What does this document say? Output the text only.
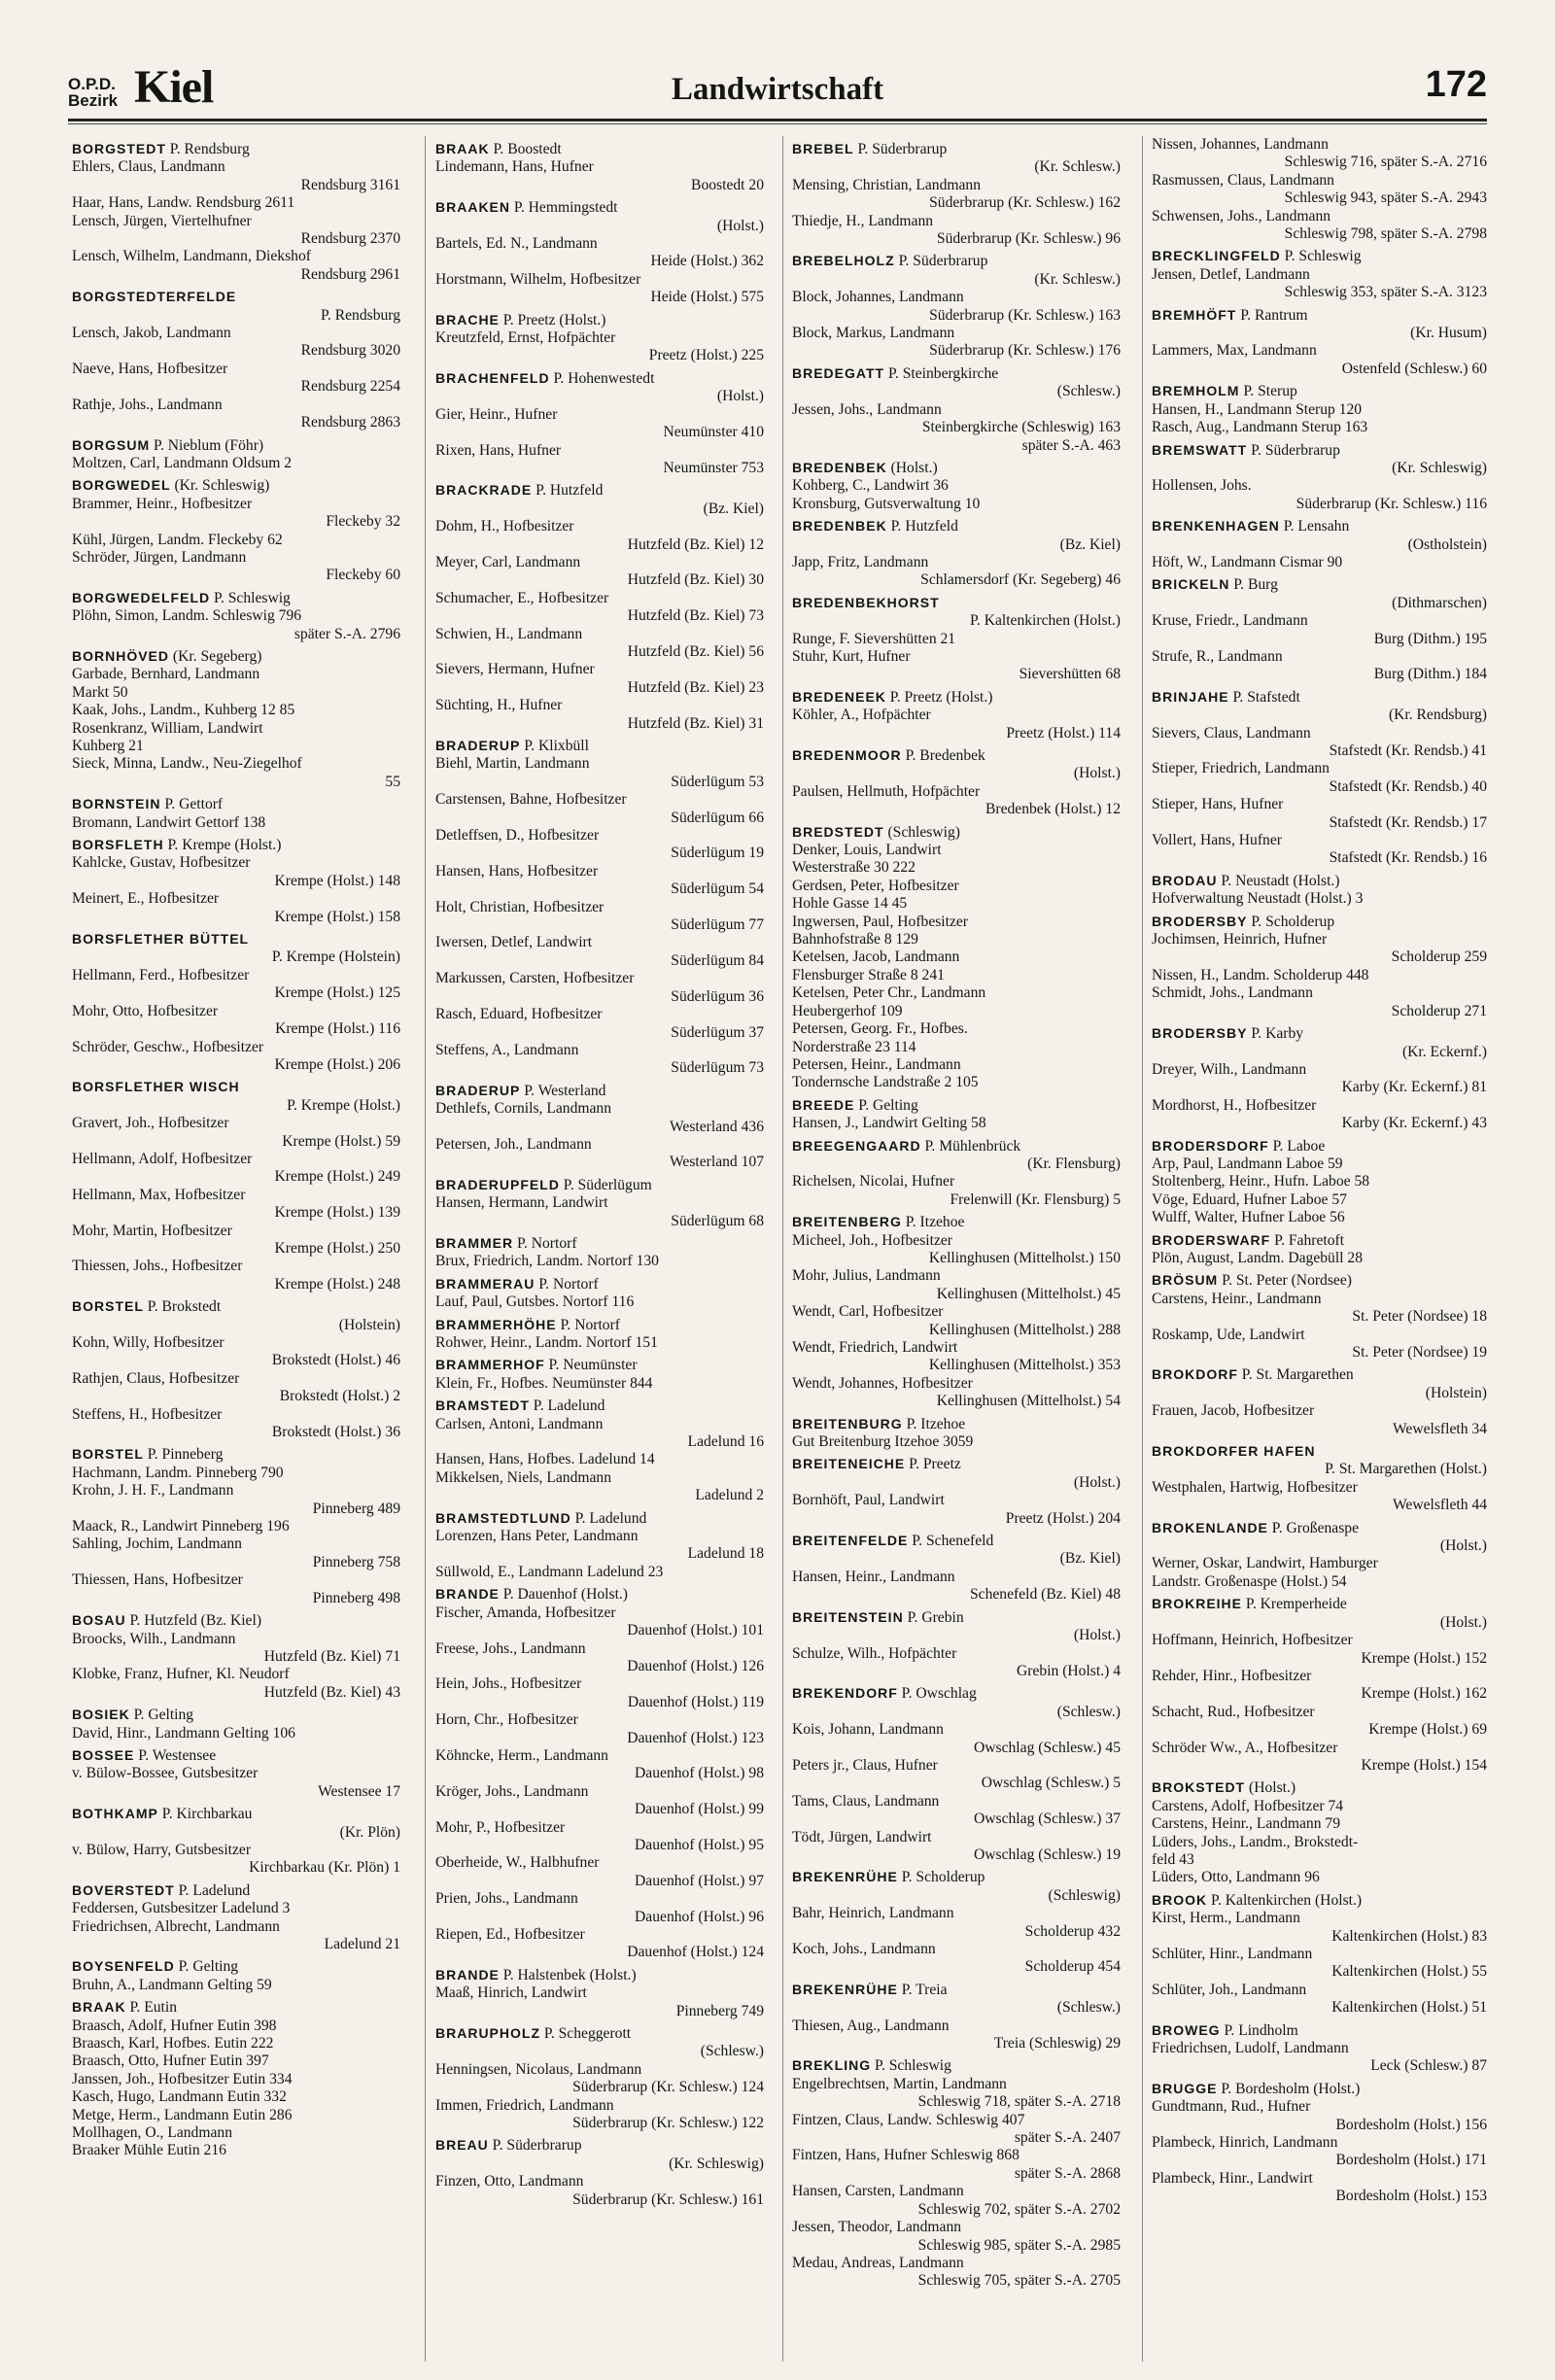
O.P.D.
Bezirk Kiel	Landwirtschaft	172
BORGSTEDT P. Rendsburg
Ehlers, Claus, Landmann
Rendsburg 3161
Haar, Hans, Landw. Rendsburg 2611
Lensch, Jürgen, Viertelhufner
Rendsburg 2370
Lensch, Wilhelm, Landmann, Diekshof
Rendsburg 2961
BORGSTEDTERFELDE
P. Rendsburg
Lensch, Jakob, Landmann
Rendsburg 3020
Naeve, Hans, Hofbesitzer
Rendsburg 2254
Rathje, Johs., Landmann
Rendsburg 2863
BORGSUM P. Nieblum (Föhr)
Moltzen, Carl, Landmann Oldsum 2
BORGWEDEL (Kr. Schleswig)
Brammer, Heinr., Hofbesitzer
Fleckeby 32
Kühl, Jürgen, Landm. Fleckeby 62
Schröder, Jürgen, Landmann
Fleckeby 60
BORGWEDELFELD P. Schleswig
Plöhn, Simon, Landm. Schleswig 796
später S.-A. 2796
BORNHÖVED (Kr. Segeberg)
Garbade, Bernhard, Landmann
Markt 50
Kaak, Johs., Landm., Kuhberg 12 85
Rosenkranz, William, Landwirt
Kuhberg 21
Sieck, Minna, Landw., Neu-Ziegelhof
55
BORNSTEIN P. Gettorf
Bromann, Landwirt Gettorf 138
BORSFLETH P. Krempe (Holst.)
Kahlcke, Gustav, Hofbesitzer
Krempe (Holst.) 148
Meinert, E., Hofbesitzer
Krempe (Holst.) 158
BORSFLETHER BÜTTEL
P. Krempe (Holstein)
Hellmann, Ferd., Hofbesitzer
Krempe (Holst.) 125
Mohr, Otto, Hofbesitzer
Krempe (Holst.) 116
Schröder, Geschw., Hofbesitzer
Krempe (Holst.) 206
BORSFLETHER WISCH
P. Krempe (Holst.)
Gravert, Joh., Hofbesitzer
Krempe (Holst.) 59
Hellmann, Adolf, Hofbesitzer
Krempe (Holst.) 249
Hellmann, Max, Hofbesitzer
Krempe (Holst.) 139
Mohr, Martin, Hofbesitzer
Krempe (Holst.) 250
Thiessen, Johs., Hofbesitzer
Krempe (Holst.) 248
BORSTEL P. Brokstedt
(Holstein)
Kohn, Willy, Hofbesitzer
Brokstedt (Holst.) 46
Rathjen, Claus, Hofbesitzer
Brokstedt (Holst.) 2
Steffens, H., Hofbesitzer
Brokstedt (Holst.) 36
BORSTEL P. Pinneberg
Hachmann, Landm. Pinneberg 790
Krohn, J. H. F., Landmann
Pinneberg 489
Maack, R., Landwirt Pinneberg 196
Sahling, Jochim, Landmann
Pinneberg 758
Thiessen, Hans, Hofbesitzer
Pinneberg 498
BOSAU P. Hutzfeld (Bz. Kiel)
Broocks, Wilh., Landmann
Hutzfeld (Bz. Kiel) 71
Klobke, Franz, Hufner, Kl. Neudorf
Hutzfeld (Bz. Kiel) 43
BOSIEK P. Gelting
David, Hinr., Landmann Gelting 106
BOSSEE P. Westensee
v. Bülow-Bossee, Gutsbesitzer
Westensee 17
BOTHKAMP P. Kirchbarkau
(Kr. Plön)
v. Bülow, Harry, Gutsbesitzer
Kirchbarkau (Kr. Plön) 1
BOVERSTEDT P. Ladelund
Feddersen, Gutsbesitzer Ladelund 3
Friedrichsen, Albrecht, Landmann
Ladelund 21
BOYSENFELD P. Gelting
Bruhn, A., Landmann Gelting 59
BRAAK P. Eutin
Braasch, Adolf, Hufner Eutin 398
Braasch, Karl, Hofbes. Eutin 222
Braasch, Otto, Hufner Eutin 397
Janssen, Joh., Hofbesitzer Eutin 334
Kasch, Hugo, Landmann Eutin 332
Metge, Herm., Landmann Eutin 286
Mollhagen, O., Landmann
Braaker Mühle Eutin 216
BRAAK P. Boostedt
Lindemann, Hans, Hufner
Boostedt 20
BRAAKEN P. Hemmingstedt
(Holst.)
Bartels, Ed. N., Landmann
Heide (Holst.) 362
Horstmann, Wilhelm, Hofbesitzer
Heide (Holst.) 575
BRACHE P. Preetz (Holst.)
Kreutzfeld, Ernst, Hofpächter
Preetz (Holst.) 225
BRACHENFELD P. Hohenwestedt
(Holst.)
Gier, Heinr., Hufner
Neumünster 410
Rixen, Hans, Hufner
Neumünster 753
BRACKRADE P. Hutzfeld
(Bz. Kiel)
Dohm, H., Hofbesitzer
Hutzfeld (Bz. Kiel) 12
Meyer, Carl, Landmann
Hutzfeld (Bz. Kiel) 30
Schumacher, E., Hofbesitzer
Hutzfeld (Bz. Kiel) 73
Schwien, H., Landmann
Hutzfeld (Bz. Kiel) 56
Sievers, Hermann, Hufner
Hutzfeld (Bz. Kiel) 23
Süchting, H., Hufner
Hutzfeld (Bz. Kiel) 31
BRADERUP P. Klixbüll
Biehl, Martin, Landmann
Süderlügum 53
Carstensen, Bahne, Hofbesitzer
Süderlügum 66
Detleffsen, D., Hofbesitzer
Süderlügum 19
Hansen, Hans, Hofbesitzer
Süderlügum 54
Holt, Christian, Hofbesitzer
Süderlügum 77
Iwersen, Detlef, Landwirt
Süderlügum 84
Markussen, Carsten, Hofbesitzer
Süderlügum 36
Rasch, Eduard, Hofbesitzer
Süderlügum 37
Steffens, A., Landmann
Süderlügum 73
BRADERUP P. Westerland
Dethlefs, Cornils, Landmann
Westerland 436
Petersen, Joh., Landmann
Westerland 107
BRADERUPFELD P. Süderlügum
Hansen, Hermann, Landwirt
Süderlügum 68
BRAMMER P. Nortorf
Brux, Friedrich, Landm. Nortorf 130
BRAMMERAU P. Nortorf
Lauf, Paul, Gutsbes. Nortorf 116
BRAMMERHÖHE P. Nortorf
Rohwer, Heinr., Landm. Nortorf 151
BRAMMERHOF P. Neumünster
Klein, Fr., Hofbes. Neumünster 844
BRAMSTEDT P. Ladelund
Carlsen, Antoni, Landmann
Ladelund 16
Hansen, Hans, Hofbes. Ladelund 14
Mikkelsen, Niels, Landmann
Ladelund 2
BRAMSTEDTLUND P. Ladelund
Lorenzen, Hans Peter, Landmann
Ladelund 18
Süllwold, E., Landmann Ladelund 23
BRANDE P. Dauenhof (Holst.)
Fischer, Amanda, Hofbesitzer
Dauenhof (Holst.) 101
Freese, Johs., Landmann
Dauenhof (Holst.) 126
Hein, Johs., Hofbesitzer
Dauenhof (Holst.) 119
Horn, Chr., Hofbesitzer
Dauenhof (Holst.) 123
Köhncke, Herm., Landmann
Dauenhof (Holst.) 98
Kröger, Johs., Landmann
Dauenhof (Holst.) 99
Mohr, P., Hofbesitzer
Dauenhof (Holst.) 95
Oberheide, W., Halbhufner
Dauenhof (Holst.) 97
Prien, Johs., Landmann
Dauenhof (Holst.) 96
Riepen, Ed., Hofbesitzer
Dauenhof (Holst.) 124
BRANDE P. Halstenbek (Holst.)
Maaß, Hinrich, Landwirt
Pinneberg 749
BRARUPHOLZ P. Scheggerott
(Schlesw.)
Henningsen, Nicolaus, Landmann
Süderbrarup (Kr. Schlesw.) 124
Immen, Friedrich, Landmann
Süderbrarup (Kr. Schlesw.) 122
BREAU P. Süderbrarup
(Kr. Schleswig)
Finzen, Otto, Landmann
Süderbrarup (Kr. Schlesw.) 161
BREBEL P. Süderbrarup
(Kr. Schlesw.)
Mensing, Christian, Landmann
Süderbrarup (Kr. Schlesw.) 162
Thiedje, H., Landmann
Süderbrarup (Kr. Schlesw.) 96
BREBELHOLZ P. Süderbrarup
(Kr. Schlesw.)
Block, Johannes, Landmann
Süderbrarup (Kr. Schlesw.) 163
Block, Markus, Landmann
Süderbrarup (Kr. Schlesw.) 176
BREDEGATT P. Steinbergkirche
(Schlesw.)
Jessen, Johs., Landmann
Steinbergkirche (Schleswig) 163
später S.-A. 463
BREDENBEK (Holst.)
Kohberg, C., Landwirt 36
Kronsburg, Gutsverwaltung 10
BREDENBEK P. Hutzfeld
(Bz. Kiel)
Japp, Fritz, Landmann
Schlamersdorf (Kr. Segeberg) 46
BREDENBEKHORST
P. Kaltenkirchen (Holst.)
Runge, F. Sievershütten 21
Stuhr, Kurt, Hufner
Sievershütten 68
BREDENEEK P. Preetz (Holst.)
Köhler, A., Hofpächter
Preetz (Holst.) 114
BREDENMOOR P. Bredenbek
(Holst.)
Paulsen, Hellmuth, Hofpächter
Bredenbek (Holst.) 12
BREDSTEDT (Schleswig)
Denker, Louis, Landwirt
Westerstraße 30 222
Gerdsen, Peter, Hofbesitzer
Hohle Gasse 14 45
Ingwersen, Paul, Hofbesitzer
Bahnhofstraße 8 129
Ketelsen, Jacob, Landmann
Flensburger Straße 8 241
Ketelsen, Peter Chr., Landmann
Heubergerhof 109
Petersen, Georg. Fr., Hofbes.
Norderstraße 23 114
Petersen, Heinr., Landmann
Tondernsche Landstraße 2 105
BREEDE P. Gelting
Hansen, J., Landwirt Gelting 58
BREEGENGAARD P. Mühlenbrück
(Kr. Flensburg)
Richelsen, Nicolai, Hufner
Frelenwill (Kr. Flensburg) 5
BREITENBERG P. Itzehoe
Micheel, Joh., Hofbesitzer
Kellinghusen (Mittelholst.) 150
Mohr, Julius, Landmann
Kellinghusen (Mittelholst.) 45
Wendt, Carl, Hofbesitzer
Kellinghusen (Mittelholst.) 288
Wendt, Friedrich, Landwirt
Kellinghusen (Mittelholst.) 353
Wendt, Johannes, Hofbesitzer
Kellinghusen (Mittelholst.) 54
BREITENBURG P. Itzehoe
Gut Breitenburg Itzehoe 3059
BREITENEICHE P. Preetz
(Holst.)
Bornhöft, Paul, Landwirt
Preetz (Holst.) 204
BREITENFELDE P. Schenefeld
(Bz. Kiel)
Hansen, Heinr., Landmann
Schenefeld (Bz. Kiel) 48
BREITENSTEIN P. Grebin
(Holst.)
Schulze, Wilh., Hofpächter
Grebin (Holst.) 4
BREKENDORF P. Owschlag
(Schlesw.)
Kois, Johann, Landmann
Owschlag (Schlesw.) 45
Peters jr., Claus, Hufner
Owschlag (Schlesw.) 5
Tams, Claus, Landmann
Owschlag (Schlesw.) 37
Tödt, Jürgen, Landwirt
Owschlag (Schlesw.) 19
BREKENRÜHE P. Scholderup
(Schleswig)
Bahr, Heinrich, Landmann
Scholderup 432
Koch, Johs., Landmann
Scholderup 454
BREKENRÜHE P. Treia
(Schlesw.)
Thiesen, Aug., Landmann
Treia (Schleswig) 29
BREKLING P. Schleswig
Engelbrechtsen, Martin, Landmann
Schleswig 718, später S.-A. 2718
Fintzen, Claus, Landw. Schleswig 407
später S.-A. 2407
Fintzen, Hans, Hufner Schleswig 868
später S.-A. 2868
Hansen, Carsten, Landmann
Schleswig 702, später S.-A. 2702
Jessen, Theodor, Landmann
Schleswig 985, später S.-A. 2985
Medau, Andreas, Landmann
Schleswig 705, später S.-A. 2705
Nissen, Johannes, Landmann
Schleswig 716, später S.-A. 2716
Rasmussen, Claus, Landmann
Schleswig 943, später S.-A. 2943
Schwensen, Johs., Landmann
Schleswig 798, später S.-A. 2798
BRECKLINGFELD P. Schleswig
Jensen, Detlef, Landmann
Schleswig 353, später S.-A. 3123
BREMHÖFT P. Rantrum
(Kr. Husum)
Lammers, Max, Landmann
Ostenfeld (Schlesw.) 60
BREMHOLM P. Sterup
Hansen, H., Landmann Sterup 120
Rasch, Aug., Landmann Sterup 163
BREMSWATT P. Süderbrarup
(Kr. Schleswig)
Hollensen, Johs.
Süderbrarup (Kr. Schlesw.) 116
BRENKENHAGEN P. Lensahn
(Ostholstein)
Höft, W., Landmann Cismar 90
BRICKELN P. Burg
(Dithmarschen)
Kruse, Friedr., Landmann
Burg (Dithm.) 195
Strufe, R., Landmann
Burg (Dithm.) 184
BRINJAHE P. Stafstedt
(Kr. Rendsburg)
Sievers, Claus, Landmann
Stafstedt (Kr. Rendsb.) 41
Stieper, Friedrich, Landmann
Stafstedt (Kr. Rendsb.) 40
Stieper, Hans, Hufner
Stafstedt (Kr. Rendsb.) 17
Vollert, Hans, Hufner
Stafstedt (Kr. Rendsb.) 16
BRODAU P. Neustadt (Holst.)
Hofverwaltung Neustadt (Holst.) 3
BRODERSBY P. Scholderup
Jochimsen, Heinrich, Hufner
Scholderup 259
Nissen, H., Landm. Scholderup 448
Schmidt, Johs., Landmann
Scholderup 271
BRODERSBY P. Karby
(Kr. Eckernf.)
Dreyer, Wilh., Landmann
Karby (Kr. Eckernf.) 81
Mordhorst, H., Hofbesitzer
Karby (Kr. Eckernf.) 43
BRODERSDORF P. Laboe
Arp, Paul, Landmann Laboe 59
Stoltenberg, Heinr., Hufn. Laboe 58
Vöge, Eduard, Hufner Laboe 57
Wulff, Walter, Hufner Laboe 56
BRODERSWARF P. Fahretoft
Plön, August, Landm. Dagebüll 28
BRÖSUM P. St. Peter (Nordsee)
Carstens, Heinr., Landmann
St. Peter (Nordsee) 18
Roskamp, Ude, Landwirt
St. Peter (Nordsee) 19
BROKDORF P. St. Margarethen
(Holstein)
Frauen, Jacob, Hofbesitzer
Wewelsfleth 34
BROKDORFER HAFEN
P. St. Margarethen (Holst.)
Westphalen, Hartwig, Hofbesitzer
Wewelsfleth 44
BROKENLANDE P. Großenaspe
(Holst.)
Werner, Oskar, Landwirt, Hamburger
Landstr. Großenaspe (Holst.) 54
BROKREIHE P. Kremperheide
(Holst.)
Hoffmann, Heinrich, Hofbesitzer
Krempe (Holst.) 152
Rehder, Hinr., Hofbesitzer
Krempe (Holst.) 162
Schacht, Rud., Hofbesitzer
Krempe (Holst.) 69
Schröder Ww., A., Hofbesitzer
Krempe (Holst.) 154
BROKSTEDT (Holst.)
Carstens, Adolf, Hofbesitzer 74
Carstens, Heinr., Landmann 79
Lüders, Johs., Landm., Brokstedt-
feld 43
Lüders, Otto, Landmann 96
BROOK P. Kaltenkirchen (Holst.)
Kirst, Herm., Landmann
Kaltenkirchen (Holst.) 83
Schlüter, Hinr., Landmann
Kaltenkirchen (Holst.) 55
Schlüter, Joh., Landmann
Kaltenkirchen (Holst.) 51
BROWEG P. Lindholm
Friedrichsen, Ludolf, Landmann
Leck (Schlesw.) 87
BRUGGE P. Bordesholm (Holst.)
Gundtmann, Rud., Hufner
Bordesholm (Holst.) 156
Plambeck, Hinrich, Landmann
Bordesholm (Holst.) 171
Plambeck, Hinr., Landwirt
Bordesholm (Holst.) 153
